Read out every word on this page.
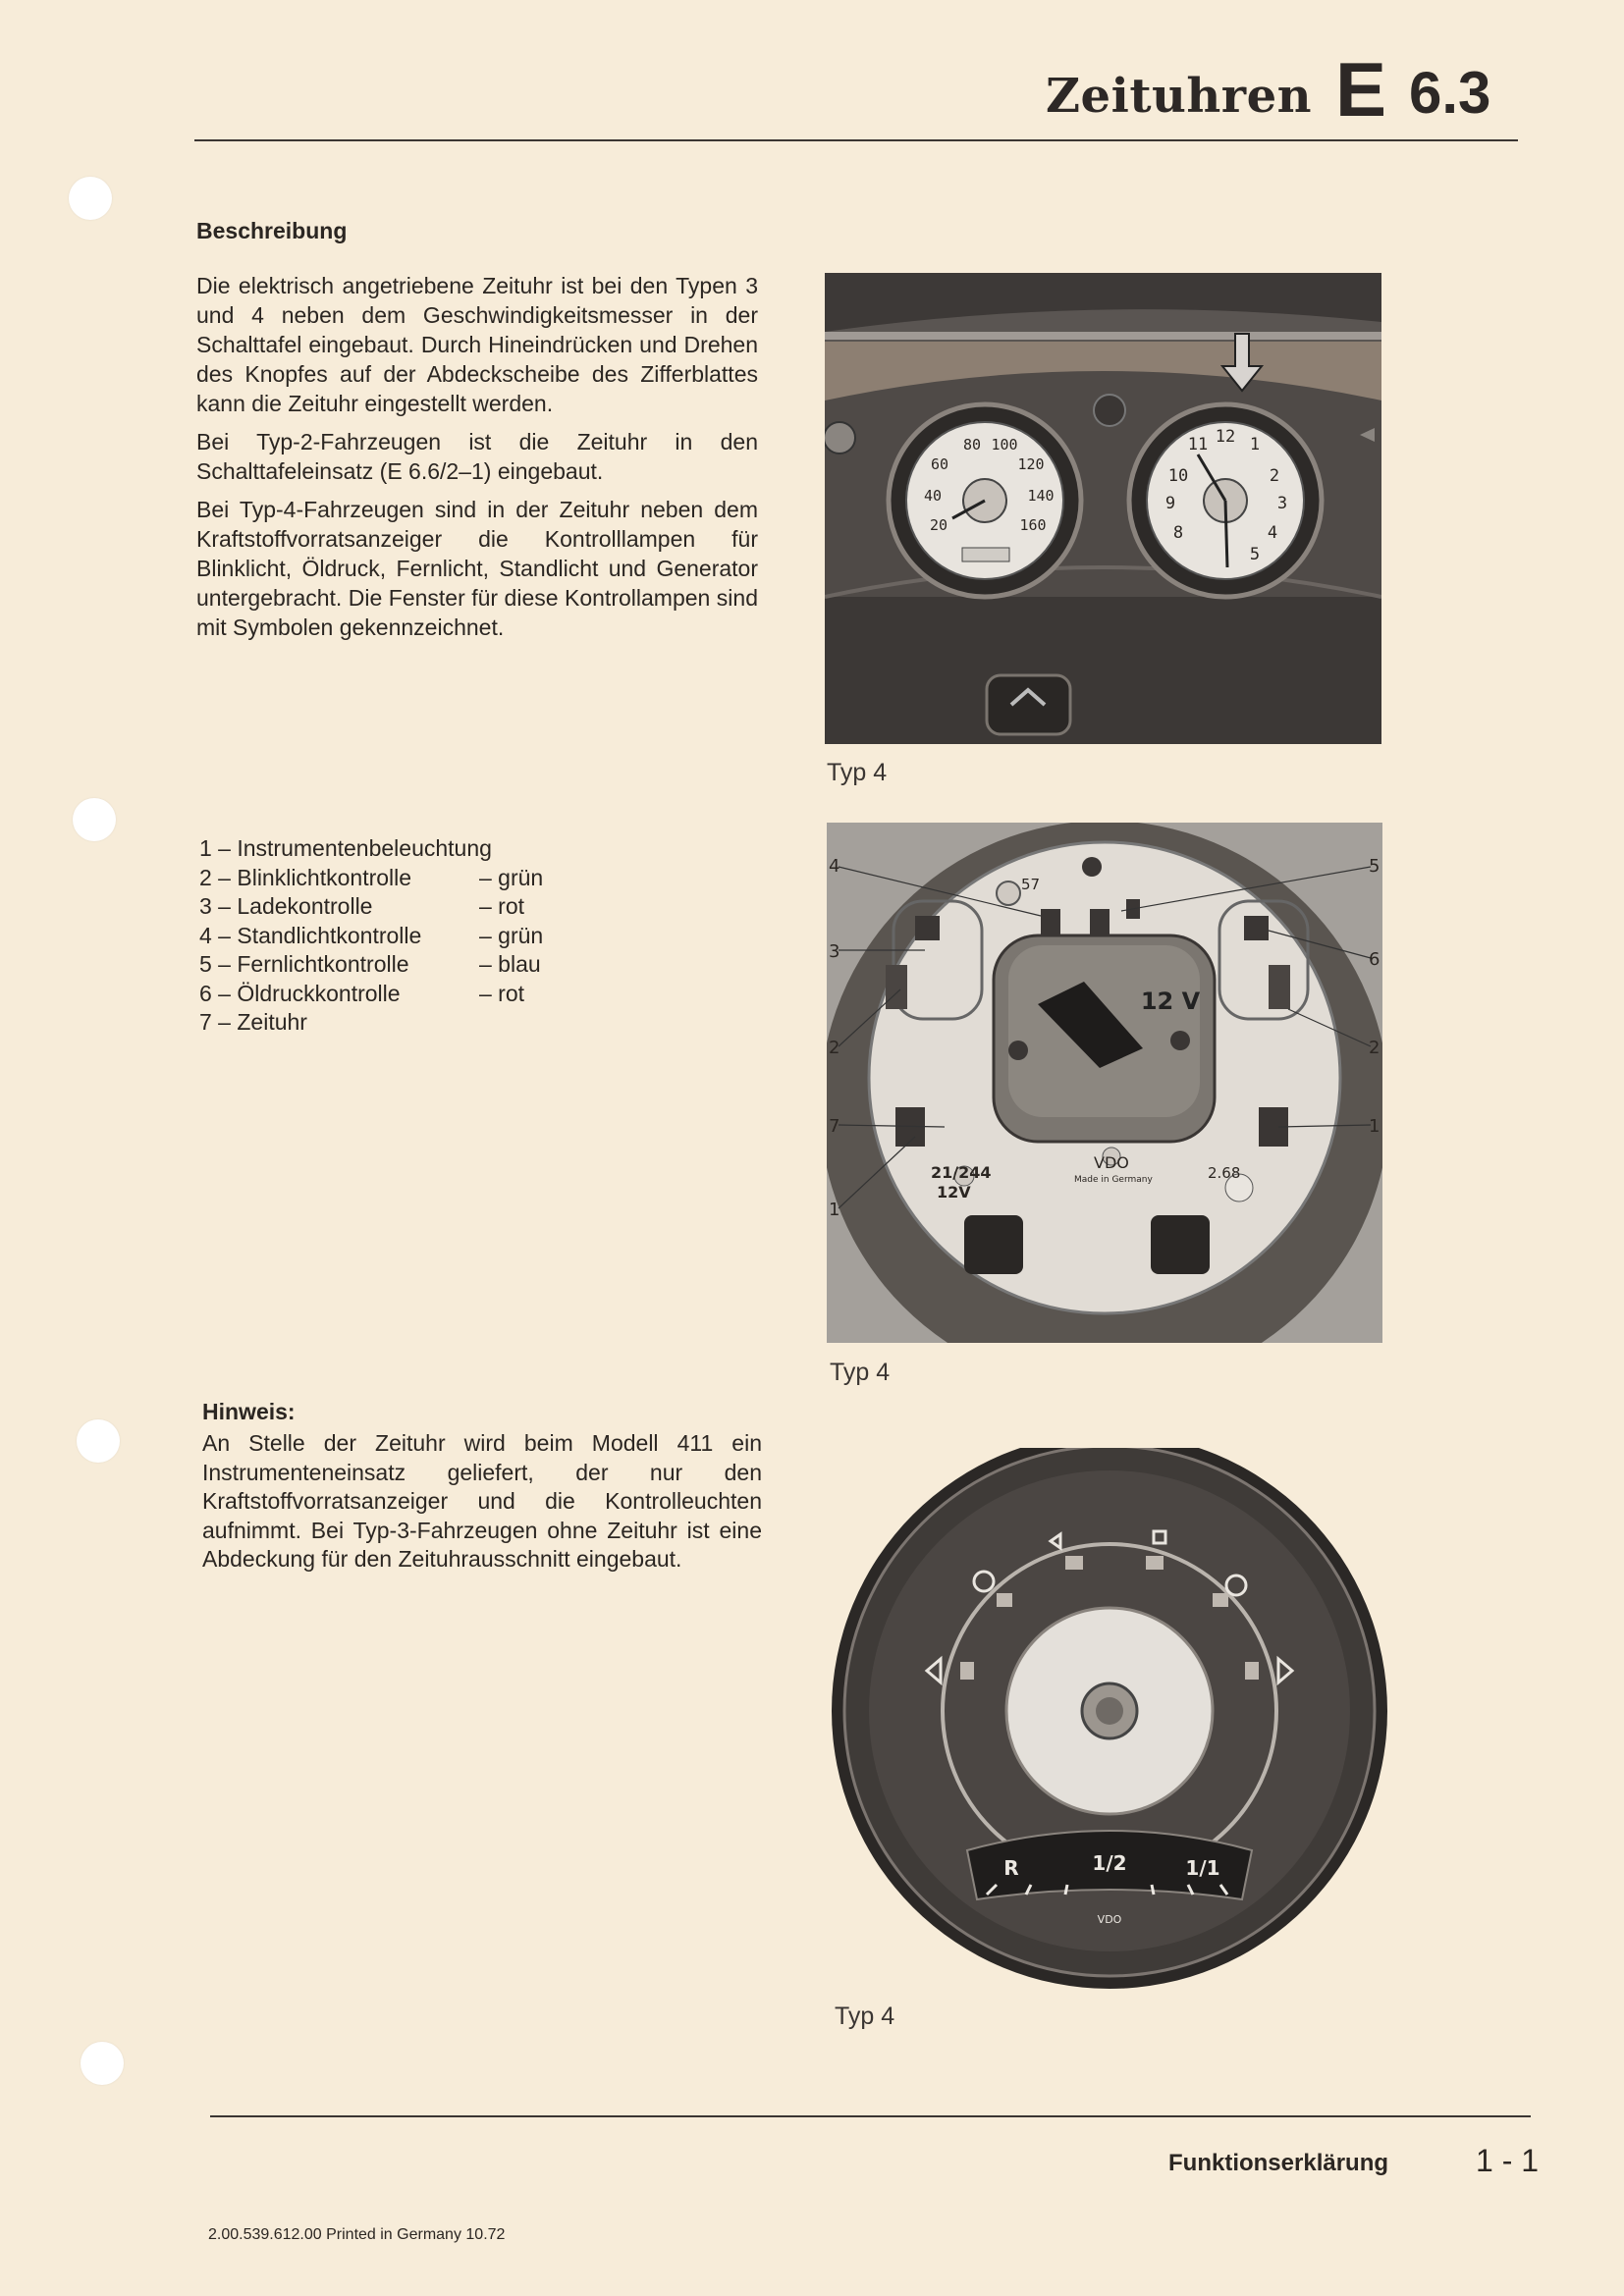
Zeituhren E 6.3
Beschreibung

Die elektrisch angetriebene Zeituhr ist bei den Typen 3 und 4 neben dem Geschwindigkeitsmesser in der Schalttafel eingebaut. Durch Hineindrücken und Drehen des Knopfes auf der Abdeckscheibe des Zifferblattes kann die Zeituhr eingestellt werden.

Bei Typ-2-Fahrzeugen ist die Zeituhr in den Schalttafeleinsatz (E 6.6/2–1) eingebaut.

Bei Typ-4-Fahrzeugen sind in der Zeituhr neben dem Kraftstoffvorratsanzeiger die Kontrolllampen für Blinklicht, Öldruck, Fernlicht, Standlicht und Generator untergebracht. Die Fenster für diese Kontrollampen sind mit Symbolen gekennzeichnet.

1 – Instrumentenbeleuchtung
2 – Blinklichtkontrolle	– grün
3 – Ladekontrolle	– rot
4 – Standlichtkontrolle	– grün
5 – Fernlichtkontrolle	– blau
6 – Öldruckkontrolle	– rot
7 – Zeituhr
Hinweis:

An Stelle der Zeituhr wird beim Modell 411 ein Instrumenteneinsatz geliefert, der nur den Kraftstoffvorratsanzeiger und die Kontrolleuchten aufnimmt. Bei Typ-3-Fahrzeugen ohne Zeituhr ist eine Abdeckung für den Zeituhrausschnitt eingebaut.

60
80 100
120
140
160
40
20
11 12 1
2
3
4
5
8
9
10
Typ 4
12 V
57
21/244
12V
2.68
VDO
Made in Germany
4
3
2
7
1
5
6
2
1
Typ 4
R	1/2	1/1
VDO
Typ 4
Funktionserklärung	1 - 1
2.00.539.612.00 Printed in Germany 10.72
